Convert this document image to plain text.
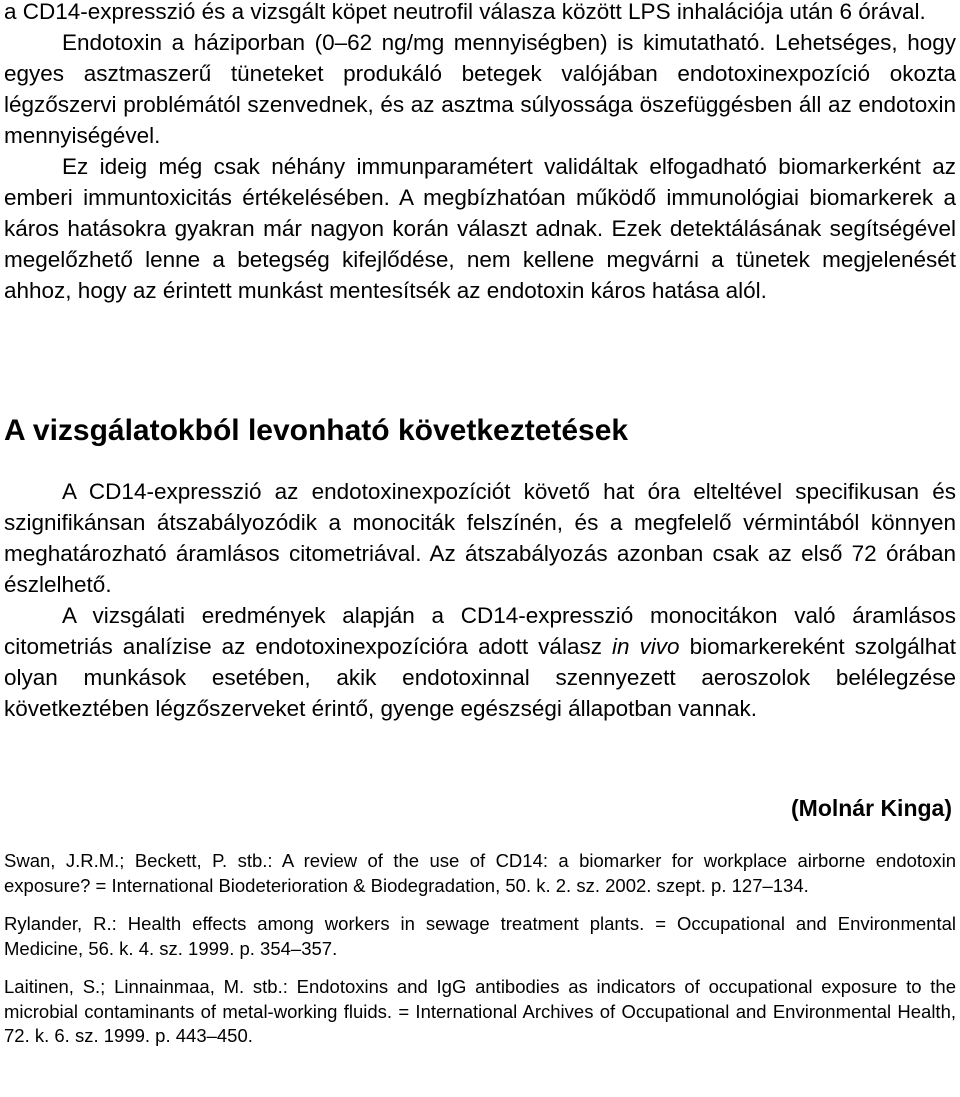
a CD14-expresszió és a vizsgált köpet neutrofil válasza között LPS inhalációja után 6 órával.

Endotoxin a háziporban (0–62 ng/mg mennyiségben) is kimutatható. Lehetséges, hogy egyes asztmaszerű tüneteket produkáló betegek valójában endotoxinexpozíció okozta légzőszervi problémától szenvednek, és az asztma súlyossága öszefüggésben áll az endotoxin mennyiségével.

Ez ideig még csak néhány immunparamétert validáltak elfogadható biomarkerként az emberi immuntoxicitás értékelésében. A megbízhatóan működő immunológiai biomarkerek a káros hatásokra gyakran már nagyon korán választ adnak. Ezek detektálásának segítségével megelőzhető lenne a betegség kifejlődése, nem kellene megvárni a tünetek megjelenését ahhoz, hogy az érintett munkást mentesítsék az endotoxin káros hatása alól.

A vizsgálatokból levonható következtetések

A CD14-expresszió az endotoxinexpozíciót követő hat óra elteltével specifikusan és szignifikánsan átszabályozódik a monociták felszínén, és a megfelelő vérmintából könnyen meghatározható áramlásos citometriával. Az átszabályozás azonban csak az első 72 órában észlelhető.

A vizsgálati eredmények alapján a CD14-expresszió monocitákon való áramlásos citometriás analízise az endotoxinexpozícióra adott válasz in vivo biomarkereként szolgálhat olyan munkások esetében, akik endotoxinnal szennyezett aeroszolok belélegzése következtében légzőszerveket érintő, gyenge egészségi állapotban vannak.

(Molnár Kinga)

Swan, J.R.M.; Beckett, P. stb.: A review of the use of CD14: a biomarker for workplace airborne endotoxin exposure? = International Biodeterioration & Biodegradation, 50. k. 2. sz. 2002. szept. p. 127–134.

Rylander, R.: Health effects among workers in sewage treatment plants. = Occupational and Environmental Medicine, 56. k. 4. sz. 1999. p. 354–357.

Laitinen, S.; Linnainmaa, M. stb.: Endotoxins and IgG antibodies as indicators of occupational exposure to the microbial contaminants of metal-working fluids. = International Archives of Occupational and Environmental Health, 72. k. 6. sz. 1999. p. 443–450.
